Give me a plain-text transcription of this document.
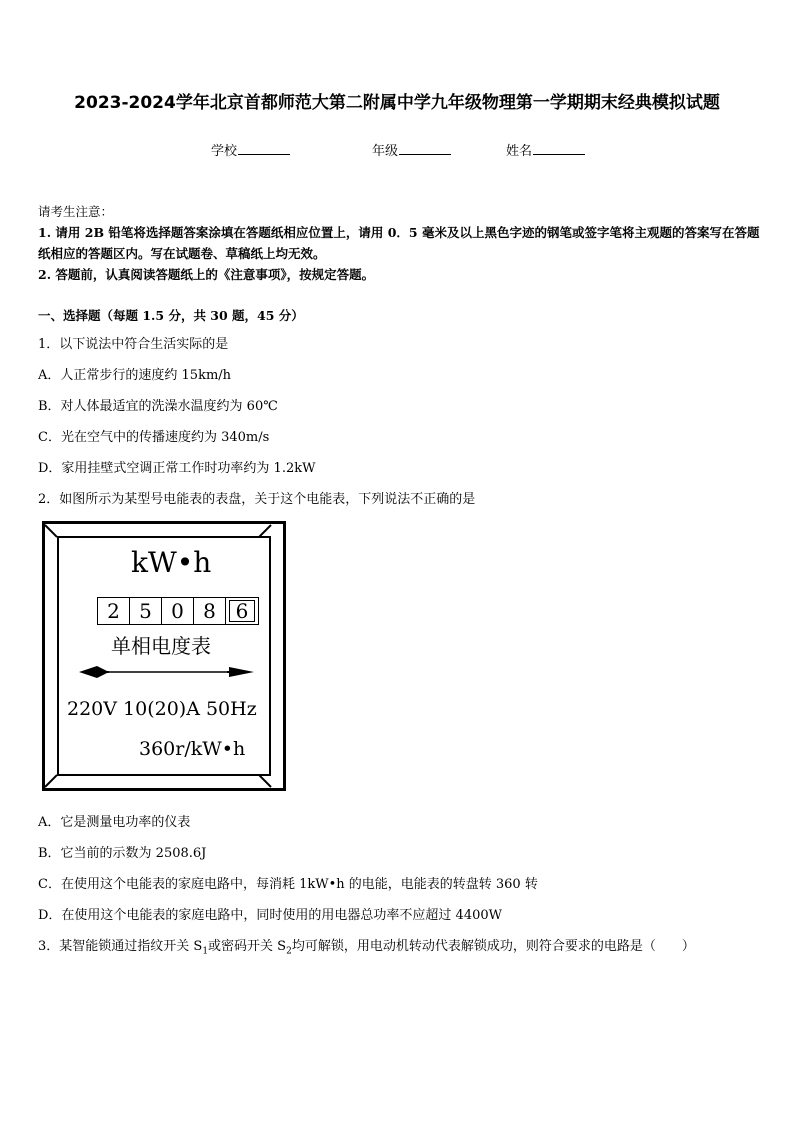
2023-2024学年北京首都师范大第二附属中学九年级物理第一学期期末经典模拟试题
学校	年级	姓名
请考生注意：
1. 请用 2B 铅笔将选择题答案涂填在答题纸相应位置上，请用 0．5 毫米及以上黑色字迹的钢笔或签字笔将主观题的答案写在答题纸相应的答题区内。写在试题卷、草稿纸上均无效。
2. 答题前，认真阅读答题纸上的《注意事项》，按规定答题。
一、选择题（每题 1.5 分，共 30 题，45 分）
1．以下说法中符合生活实际的是
A．人正常步行的速度约 15km/h
B．对人体最适宜的洗澡水温度约为 60℃
C．光在空气中的传播速度约为 340m/s
D．家用挂壁式空调正常工作时功率约为 1.2kW
2．如图所示为某型号电能表的表盘，关于这个电能表，下列说法不正确的是
kW•h
2 5 0 8 6
单相电度表
220V 10(20)A 50Hz
360r/kW•h
A．它是测量电功率的仪表
B．它当前的示数为 2508.6J
C．在使用这个电能表的家庭电路中，每消耗 1kW•h 的电能，电能表的转盘转 360 转
D．在使用这个电能表的家庭电路中，同时使用的用电器总功率不应超过 4400W
3．某智能锁通过指纹开关 $S_1$或密码开关 $S_2$均可解锁，用电动机转动代表解锁成功，则符合要求的电路是（　　）
